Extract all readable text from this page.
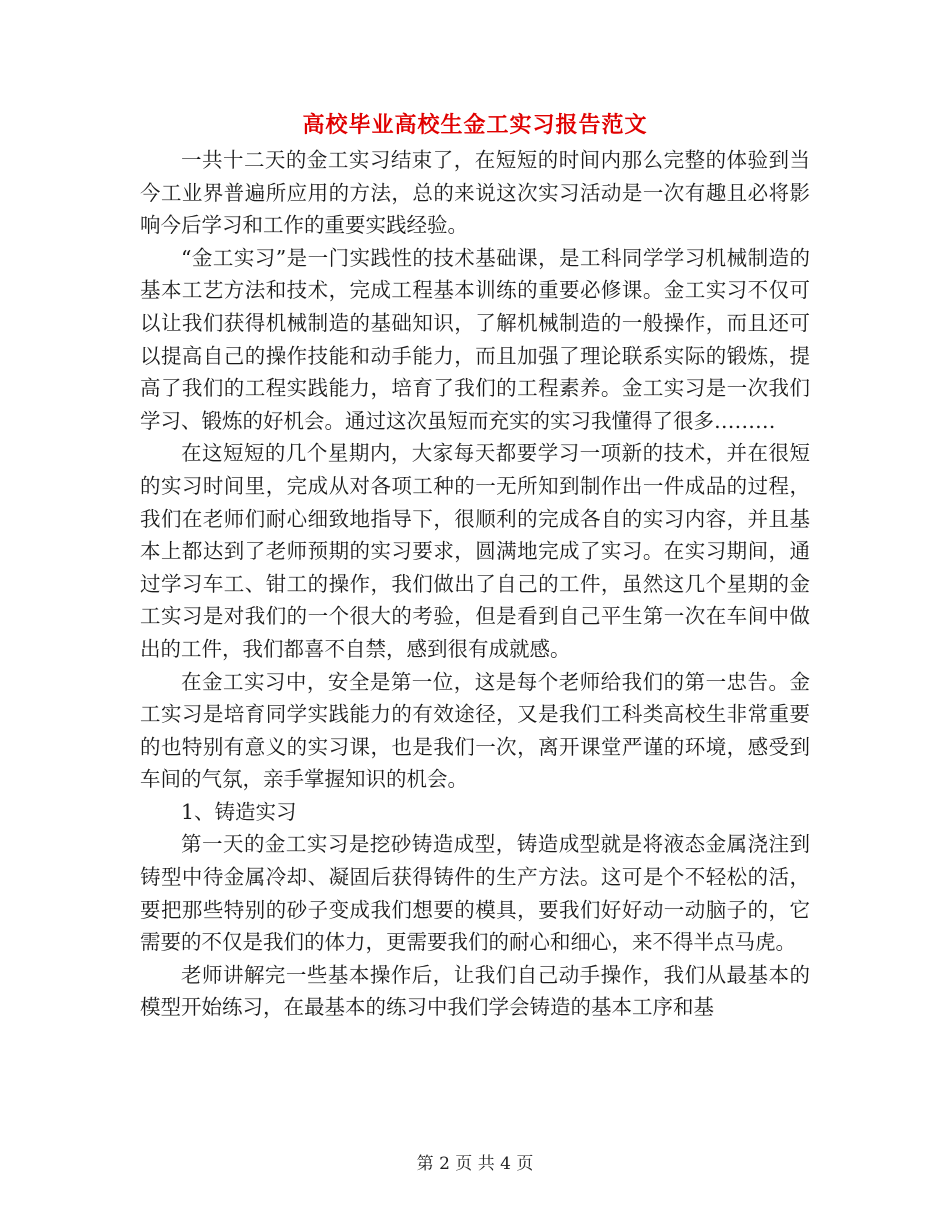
高校毕业高校生金工实习报告范文

一共十二天的金工实习结束了，在短短的时间内那么完整的体验到当今工业界普遍所应用的方法，总的来说这次实习活动是一次有趣且必将影响今后学习和工作的重要实践经验。

“金工实习”是一门实践性的技术基础课，是工科同学学习机械制造的基本工艺方法和技术，完成工程基本训练的重要必修课。金工实习不仅可以让我们获得机械制造的基础知识，了解机械制造的一般操作，而且还可以提高自己的操作技能和动手能力，而且加强了理论联系实际的锻炼，提高了我们的工程实践能力，培育了我们的工程素养。金工实习是一次我们学习、锻炼的好机会。通过这次虽短而充实的实习我懂得了很多………

在这短短的几个星期内，大家每天都要学习一项新的技术，并在很短的实习时间里，完成从对各项工种的一无所知到制作出一件成品的过程，我们在老师们耐心细致地指导下，很顺利的完成各自的实习内容，并且基本上都达到了老师预期的实习要求，圆满地完成了实习。在实习期间，通过学习车工、钳工的操作，我们做出了自己的工件，虽然这几个星期的金工实习是对我们的一个很大的考验，但是看到自己平生第一次在车间中做出的工件，我们都喜不自禁，感到很有成就感。

在金工实习中，安全是第一位，这是每个老师给我们的第一忠告。金工实习是培育同学实践能力的有效途径，又是我们工科类高校生非常重要的也特别有意义的实习课，也是我们一次，离开课堂严谨的环境，感受到车间的气氛，亲手掌握知识的机会。

1、铸造实习

第一天的金工实习是挖砂铸造成型，铸造成型就是将液态金属浇注到铸型中待金属冷却、凝固后获得铸件的生产方法。这可是个不轻松的活，要把那些特别的砂子变成我们想要的模具，要我们好好动一动脑子的，它需要的不仅是我们的体力，更需要我们的耐心和细心，来不得半点马虎。

老师讲解完一些基本操作后，让我们自己动手操作，我们从最基本的模型开始练习，在最基本的练习中我们学会铸造的基本工序和基

第 2 页 共 4 页
